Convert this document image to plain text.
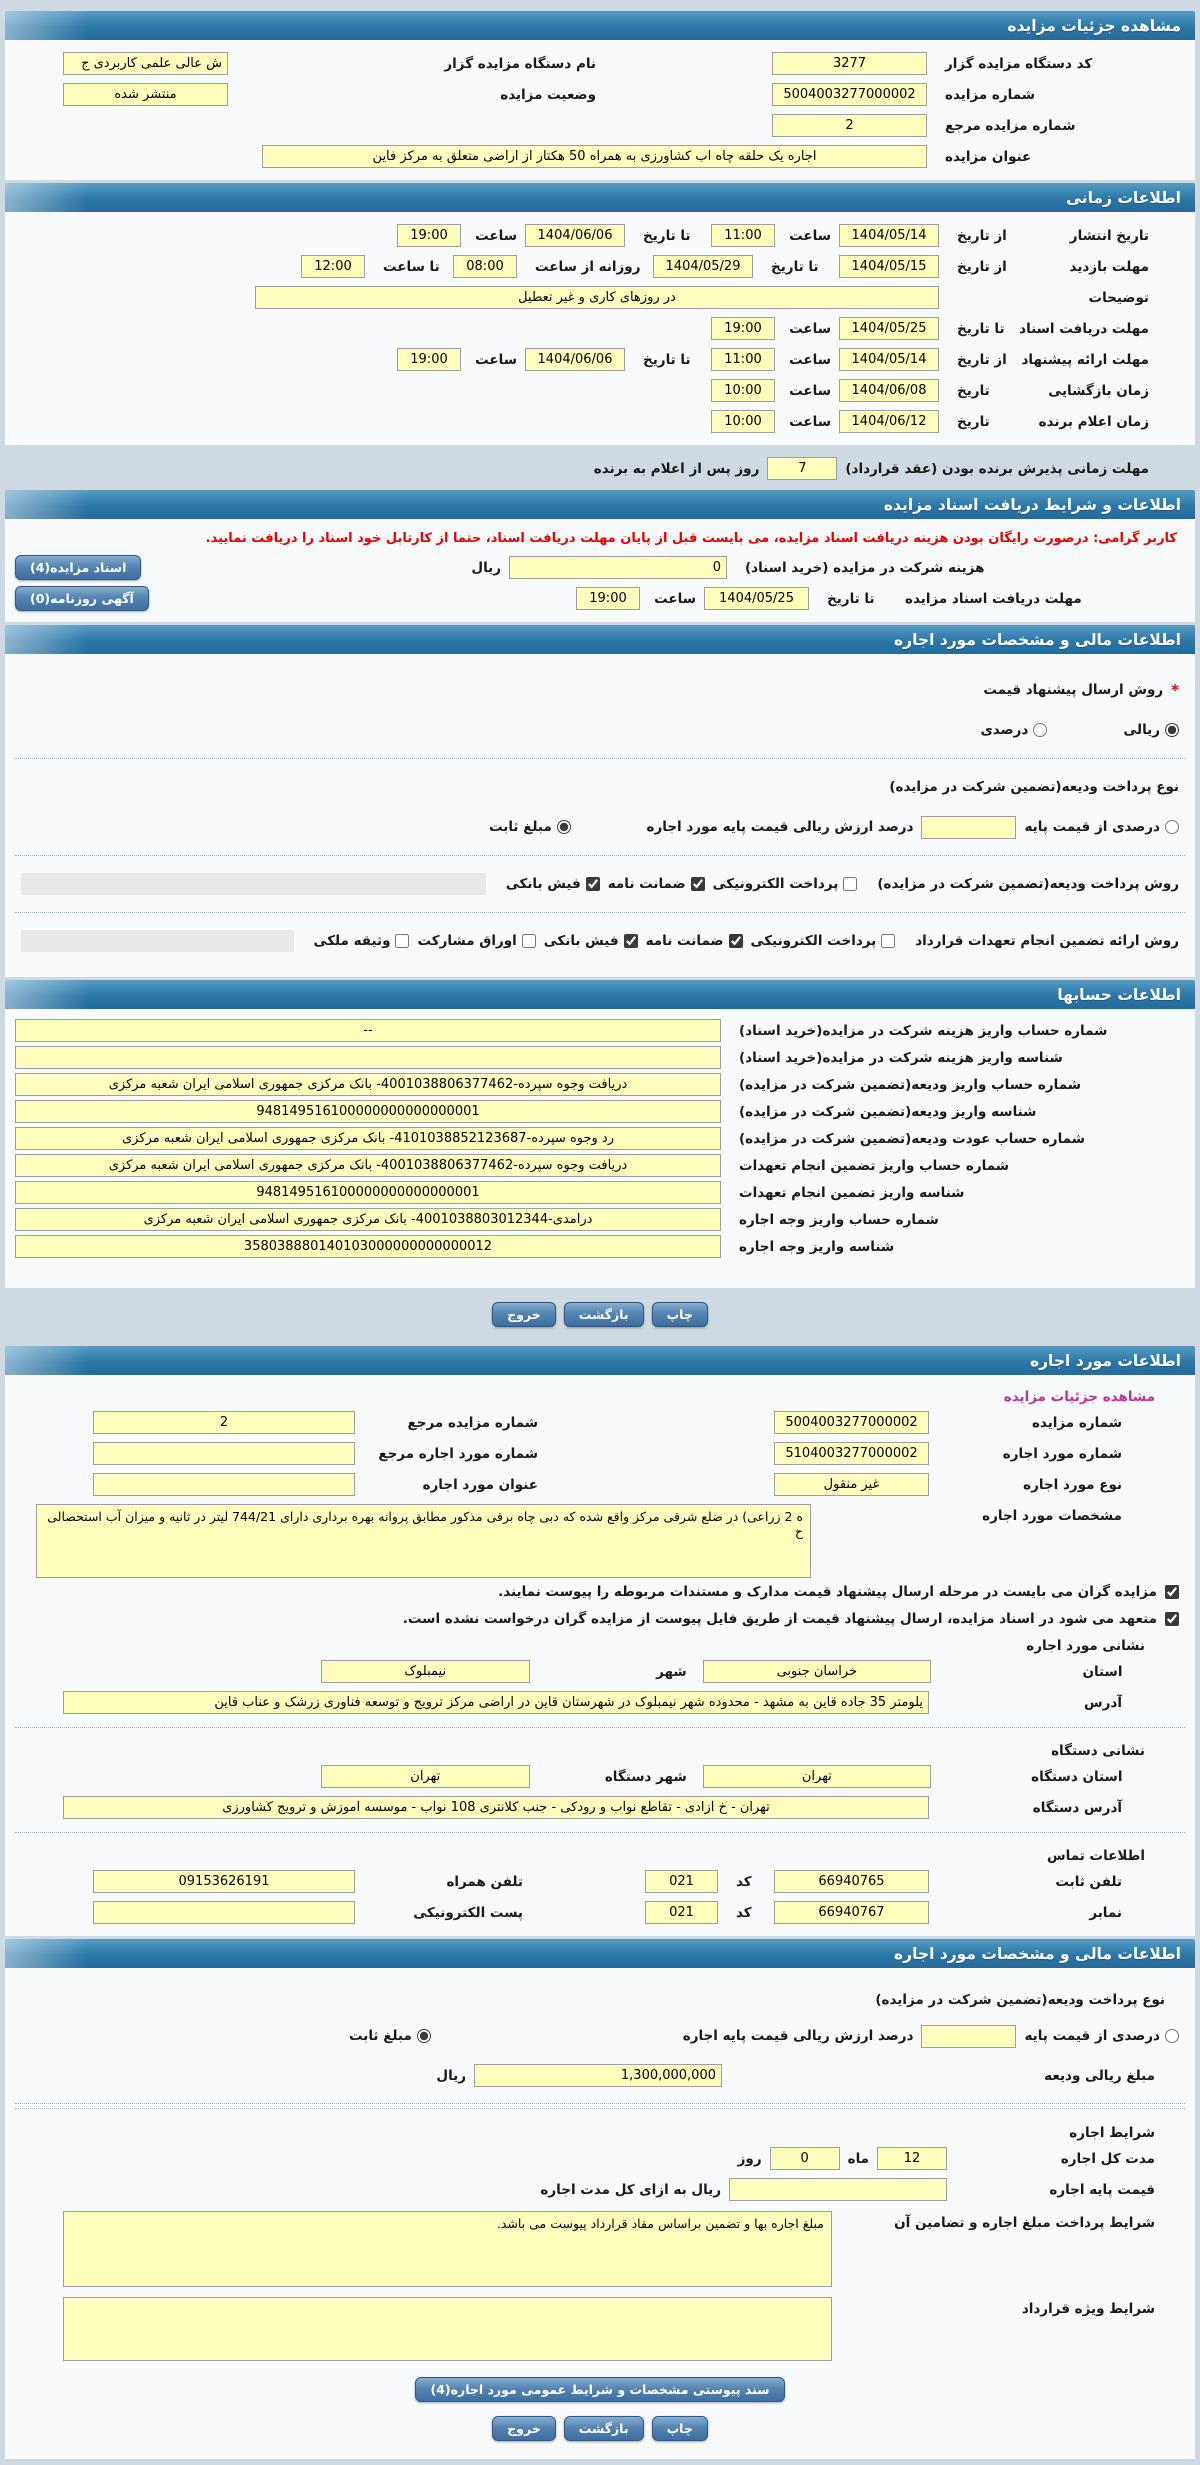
مشاهده جزئیات مزایده
کد دستگاه مزایده گزار
3277
نام دستگاه مزایده گزار
ش عالی علمی کاربردی ج
شماره مزایده
5004003277000002
وضعیت مزایده
منتشر شده
شماره مزایده مرجع
2
عنوان مزایده
اجاره یک حلقه چاه آب کشاورزی به همراه 50 هکتار از اراضی متعلق به مرکز فاین
اطلاعات زمانی
تاریخ انتشار
از تاریخ
1404/05/14
ساعت
11:00
تا تاریخ
1404/06/06
ساعت
19:00
مهلت بازدید
از تاریخ
1404/05/15
تا تاریخ
1404/05/29
روزانه از ساعت
08:00
تا ساعت
12:00
توضیحات
در روزهای کاری و غیر تعطیل
مهلت دریافت اسناد
تا تاریخ
1404/05/25
ساعت
19:00
مهلت ارائه پیشنهاد
از تاریخ
1404/05/14
ساعت
11:00
تا تاریخ
1404/06/06
ساعت
19:00
زمان بازگشایی
تاریخ
1404/06/08
ساعت
10:00
زمان اعلام برنده
تاریخ
1404/06/12
ساعت
10:00
مهلت زمانی پذیرش برنده بودن (عقد قرارداد)
7
روز پس از اعلام به برنده
اطلاعات و شرایط دریافت اسناد مزایده
کاربر گرامی: درصورت رایگان بودن هزینه دریافت اسناد مزایده، می بایست قبل از پایان مهلت دریافت اسناد، حتما از کارتابل خود اسناد را دریافت نمایید.
هزینه شرکت در مزایده (خرید اسناد)
0
ریال
اسناد مزایده(4)
مهلت دریافت اسناد مزایده
تا تاریخ
1404/05/25
ساعت
19:00
آگهی روزنامه(0)
اطلاعات مالی و مشخصات مورد اجاره
*
روش ارسال پیشنهاد قیمت
ریالی
درصدی
نوع پرداخت ودیعه(تضمین شرکت در مزایده)
درصدی از قیمت پایه
درصد ارزش ریالی قیمت پایه مورد اجاره
مبلغ ثابت
روش پرداخت ودیعه(تضمین شرکت در مزایده)
پرداخت الکترونیکی
ضمانت نامه
فیش بانکی
روش ارائه تضمین انجام تعهدات قرارداد
پرداخت الکترونیکی
ضمانت نامه
فیش بانکی
اوراق مشارکت
وثیقه ملکی
اطلاعات حسابها
شماره حساب واریز هزینه شرکت در مزایده(خرید اسناد)
--
شناسه واریز هزینه شرکت در مزایده(خرید اسناد)
شماره حساب واریز ودیعه(تضمین شرکت در مزایده)
دریافت وجوه سپرده-4001038806377462- بانک مرکزی جمهوری اسلامی ایران شعبه مرکزی
شناسه واریز ودیعه(تضمین شرکت در مزایده)
948149516100000000000000001
شماره حساب عودت ودیعه(تضمین شرکت در مزایده)
رد وجوه سپرده-4101038852123687- بانک مرکزی جمهوری اسلامی ایران شعبه مرکزی
شماره حساب واریز تضمین انجام تعهدات
دریافت وجوه سپرده-4001038806377462- بانک مرکزی جمهوری اسلامی ایران شعبه مرکزی
شناسه واریز تضمین انجام تعهدات
948149516100000000000000001
شماره حساب واریز وجه اجاره
درآمدی-4001038803012344- بانک مرکزی جمهوری اسلامی ایران شعبه مرکزی
شناسه واریز وجه اجاره
358038880140103000000000000012
چاپ
بازگشت
خروج
اطلاعات مورد اجاره
مشاهده جزئیات مزایده
شماره مزایده
5004003277000002
شماره مزایده مرجع
2
شماره مورد اجاره
5104003277000002
شماره مورد اجاره مرجع
نوع مورد اجاره
غیر منقول
عنوان مورد اجاره
مشخصات مورد اجاره
ه 2 زراعی) در ضلع شرقی مرکز واقع شده که دبی چاه برقی مذکور مطابق پروانه بهره برداری دارای 744/21 لیتر در ثانیه و میزان آب استحصالی ح
مزایده گران می بایست در مرحله ارسال پیشنهاد قیمت مدارک و مستندات مربوطه را پیوست نمایند.
متعهد می شود در اسناد مزایده، ارسال پیشنهاد قیمت از طریق فایل پیوست از مزایده گران درخواست نشده است.
نشانی مورد اجاره
استان
خراسان جنوبی
شهر
نیمبلوک
آدرس
یلومتر 35 جاده قاین به مشهد - محدوده شهر نیمبلوک در شهرستان قاین در اراضی مرکز ترویج و توسعه فناوری زرشک و عناب قاین
نشانی دستگاه
استان دستگاه
تهران
شهر دستگاه
تهران
آدرس دستگاه
تهران - خ آزادی - تقاطع نواب و رودکی - جنب کلانتری 108 نواب - موسسه آموزش و ترویج کشاورزی
اطلاعات تماس
تلفن ثابت
66940765
کد
021
تلفن همراه
09153626191
نمابر
66940767
کد
021
پست الکترونیکی
اطلاعات مالی و مشخصات مورد اجاره
نوع پرداخت ودیعه(تضمین شرکت در مزایده)
درصدی از قیمت پایه
درصد ارزش ریالی قیمت پایه اجاره
مبلغ ثابت
مبلغ ریالی ودیعه
1,300,000,000
ریال
شرایط اجاره
مدت کل اجاره
12
ماه
0
روز
قیمت پایه اجاره
ریال به ازای کل مدت اجاره
شرایط پرداخت مبلغ اجاره و تضامین آن
مبلغ اجاره بها و تضمین براساس مفاد قرارداد پیوست می باشد.
شرایط ویژه قرارداد
سند پیوستی مشخصات و شرایط عمومی مورد اجاره(4)
چاپ
بازگشت
خروج
